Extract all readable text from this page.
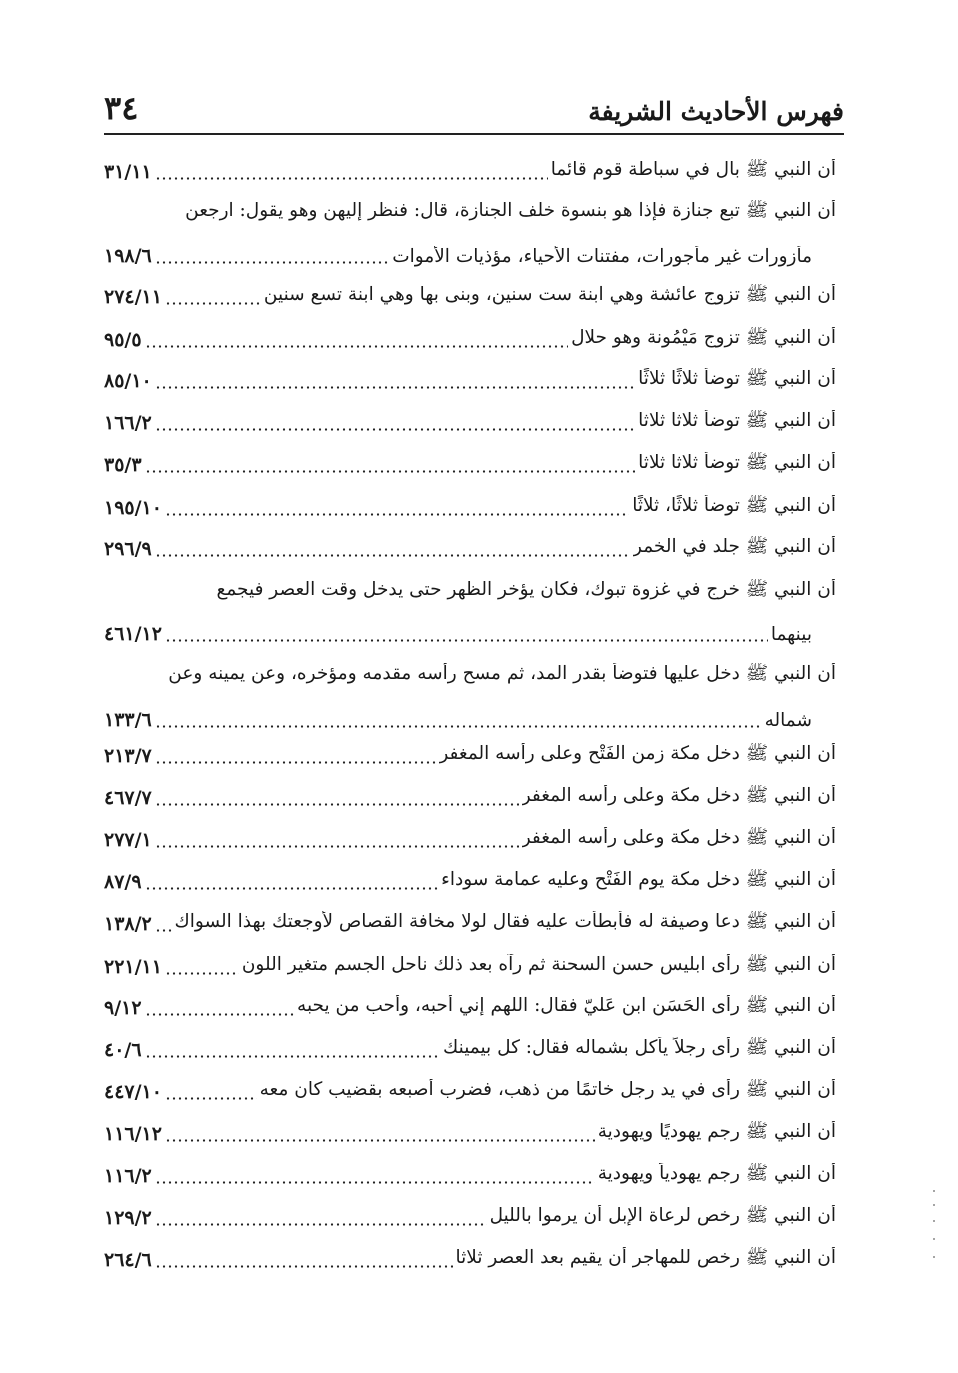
فهرس الأحاديث الشريفة
٣٤
أن النبي ﷺ بال في سباطة قوم قائما
٣١/١١
أن النبي ﷺ تبع جنازة فإذا هو بنسوة خلف الجنازة، قال: فنظر إليهن وهو يقول: ارجعن
مأزورات غير مأجورات، مفتنات الأحياء، مؤذيات الأموات
١٩٨/٦
أن النبي ﷺ تزوج عائشة وهي ابنة ست سنين، وبنى بها وهي ابنة تسع سنين
٢٧٤/١١
أن النبي ﷺ تزوج مَيْمُونة وهو حلال
٩٥/٥
أن النبي ﷺ توضأ ثلاثًا ثلاثًا
٨٥/١٠
أن النبي ﷺ توضأ ثلاثا ثلاثا
١٦٦/٢
أن النبي ﷺ توضأ ثلاثا ثلاثا
٣٥/٣
أن النبي ﷺ توضأ ثلاثًا، ثلاثًا
١٩٥/١٠
أن النبي ﷺ جلد في الخمر
٢٩٦/٩
أن النبي ﷺ خرج في غزوة تبوك، فكان يؤخر الظهر حتى يدخل وقت العصر فيجمع
بينهما
٤٦١/١٢
أن النبي ﷺ دخل عليها فتوضأ بقدر المد، ثم مسح رأسه مقدمه ومؤخره، وعن يمينه وعن
شماله
١٣٣/٦
أن النبي ﷺ دخل مكة زمن الفَتْح وعلى رأسه المغفر
٢١٣/٧
أن النبي ﷺ دخل مكة وعلى رأسه المغفر
٤٦٧/٧
أن النبي ﷺ دخل مكة وعلى رأسه المغفر
٢٧٧/١
أن النبي ﷺ دخل مكة يوم الفَتْح وعليه عمامة سوداء
٨٧/٩
أن النبي ﷺ دعا وصيفة له فأبطأت عليه فقال لولا مخافة القصاص لأوجعتك بهذا السواك
١٣٨/٢
أن النبي ﷺ رأى ابليس حسن السحنة ثم رآه بعد ذلك ناحل الجسم متغير اللون
٢٢١/١١
أن النبي ﷺ رأى الحَسَن ابن عَليّ فقال: اللهم إني أحبه، وأحب من يحبه
٩/١٢
أن النبي ﷺ رأى رجلاً يأكل بشماله فقال: كل بيمينك
٤٠/٦
أن النبي ﷺ رأى في يد رجل خاتمًا من ذهب، فضرب أصبعه بقضيب كان معه
٤٤٧/١٠
أن النبي ﷺ رجم يهوديًا ويهودية
١١٦/١٢
أن النبي ﷺ رجم يهودياً ويهودية
١١٦/٢
أن النبي ﷺ رخص لرعاة الإبل أن يرموا بالليل
١٢٩/٢
أن النبي ﷺ رخص للمهاجر أن يقيم بعد العصر ثلاثا
٢٦٤/٦
